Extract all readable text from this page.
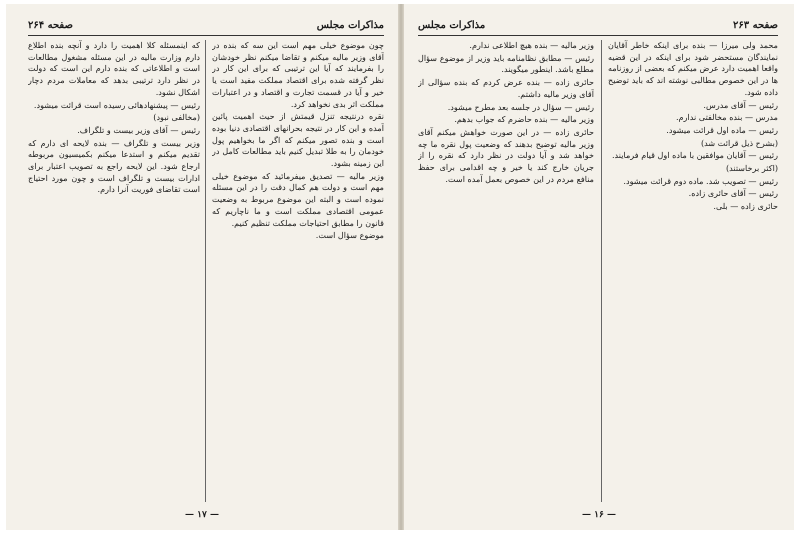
مذاکرات مجلس
صفحه ۲۶۴

چون موضوع خیلی مهم است این سه که بنده در آقای وزیر مالیه میکنم و تقاضا میکنم نظر خودشان را بفرمایند که آیا این ترتیبی که برای این کار در نظر گرفته شده برای اقتصاد مملکت مفید است یا خیر و آیا در قسمت تجارت و اقتصاد و در اعتبارات مملکت اثر بدی نخواهد کرد.

نقره درنتیجه تنزل قیمتش از حیث اهمیت پائین آمده و این کار در نتیجه بحرانهای اقتصادی دنیا بوده است و بنده تصور میکنم که اگر ما بخواهیم پول خودمان را به طلا تبدیل کنیم باید مطالعات کامل در این زمینه بشود.

وزیر مالیه — تصدیق میفرمائید که موضوع خیلی مهم است و دولت هم کمال دقت را در این مسئله نموده است و البته این موضوع مربوط به وضعیت عمومی اقتصادی مملکت است و ما ناچاریم که قانون را مطابق احتیاجات مملکت تنظیم کنیم.

موضوع سؤال است.

که اینمسئله کلا اهمیت را دارد و آنچه بنده اطلاع دارم وزارت مالیه در این مسئله مشغول مطالعات است و اطلاعاتی که بنده دارم این است که دولت در نظر دارد ترتیبی بدهد که معاملات مردم دچار اشکال نشود.

رئیس — پیشنهادهائی رسیده است قرائت میشود.

(مخالفی نبود)

رئیس — آقای وزیر بیست و تلگراف.

وزیر بیست و تلگراف — بنده لایحه ای دارم که تقدیم میکنم و استدعا میکنم بکمیسیون مربوطه ارجاع شود. این لایحه راجع به تصویب اعتبار برای ادارات بیست و تلگراف است و چون مورد احتیاج است تقاضای فوریت آنرا دارم.

— ۱۷ —
صفحه ۲۶۳
مذاکرات مجلس

محمد ولی میرزا — بنده برای اینکه خاطر آقایان نمایندگان مستحضر شود برای اینکه در این قضیه واقعا اهمیت دارد عرض میکنم که بعضی از روزنامه ها در این خصوص مطالبی نوشته اند که باید توضیح داده شود.

رئیس — آقای مدرس.

مدرس — بنده مخالفتی ندارم.

رئیس — ماده اول قرائت میشود.

(بشرح ذیل قرائت شد)

رئیس — آقایان موافقین با ماده اول قیام فرمایند.

(اکثر برخاستند)

رئیس — تصویب شد. ماده دوم قرائت میشود.

رئیس — آقای حائری زاده.

حائری زاده — بلی.

وزیر مالیه — بنده هیچ اطلاعی ندارم.

رئیس — مطابق نظامنامه باید وزیر از موضوع سؤال مطلع باشد. اینطور میگویند.

حائری زاده — بنده عرض کردم که بنده سؤالی از آقای وزیر مالیه داشتم.

رئیس — سؤال در جلسه بعد مطرح میشود.

وزیر مالیه — بنده حاضرم که جواب بدهم.

حائری زاده — در این صورت خواهش میکنم آقای وزیر مالیه توضیح بدهند که وضعیت پول نقره ما چه خواهد شد و آیا دولت در نظر دارد که نقره را از جریان خارج کند یا خیر و چه اقدامی برای حفظ منافع مردم در این خصوص بعمل آمده است.

— ۱۶ —
